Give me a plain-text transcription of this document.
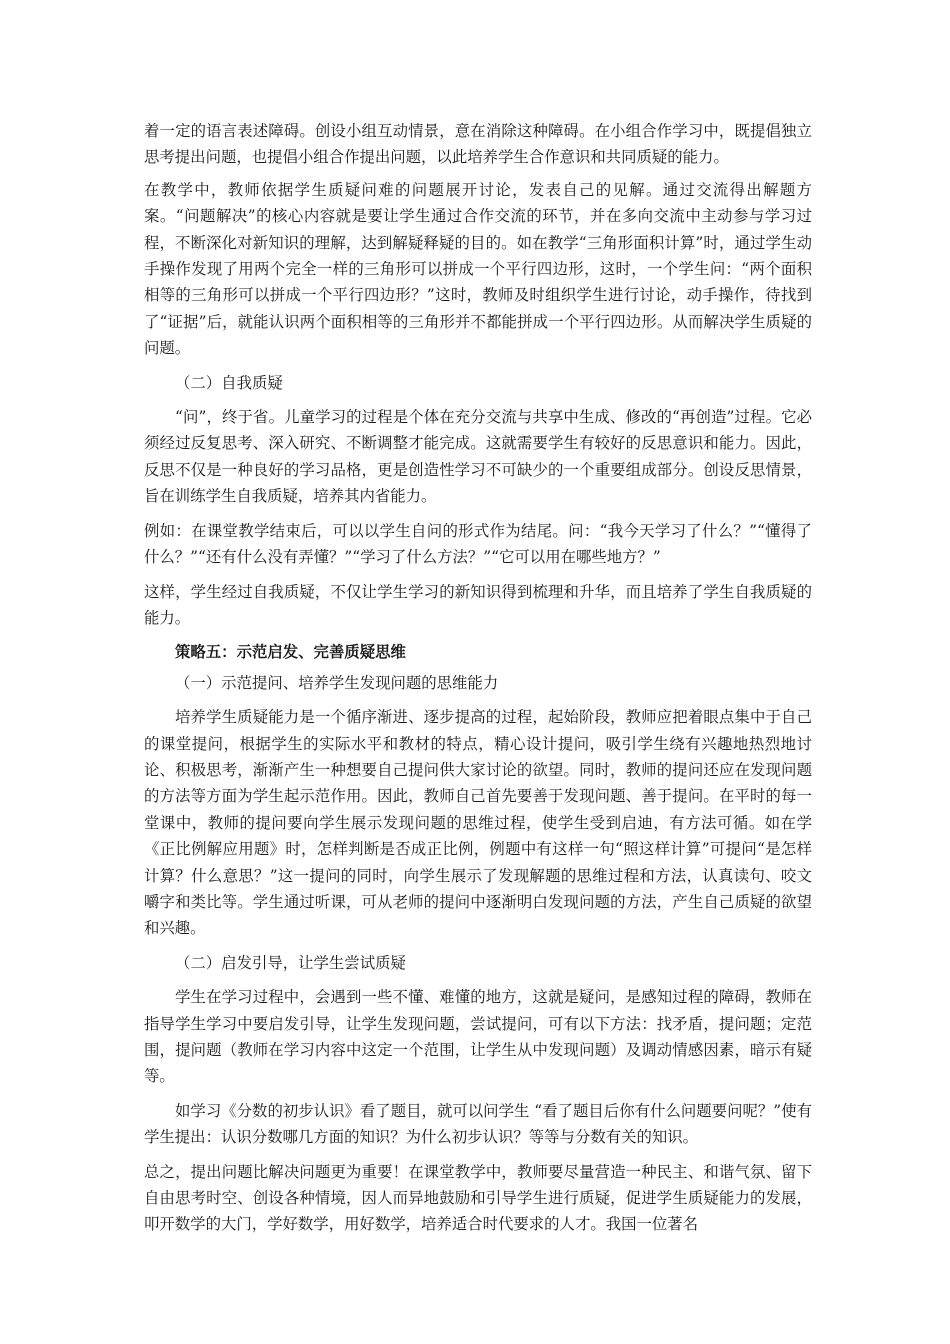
着一定的语言表述障碍。创设小组互动情景，意在消除这种障碍。在小组合作学习中，既提倡独立思考提出问题，也提倡小组合作提出问题，以此培养学生合作意识和共同质疑的能力。

在教学中，教师依据学生质疑问难的问题展开讨论，发表自己的见解。通过交流得出解题方案。“问题解决”的核心内容就是要让学生通过合作交流的环节，并在多向交流中主动参与学习过程，不断深化对新知识的理解，达到解疑释疑的目的。如在教学“三角形面积计算”时，通过学生动手操作发现了用两个完全一样的三角形可以拼成一个平行四边形，这时，一个学生问：“两个面积相等的三角形可以拼成一个平行四边形？”这时，教师及时组织学生进行讨论，动手操作，待找到了“证据”后，就能认识两个面积相等的三角形并不都能拼成一个平行四边形。从而解决学生质疑的问题。

（二）自我质疑

“问”，终于省。儿童学习的过程是个体在充分交流与共享中生成、修改的“再创造”过程。它必须经过反复思考、深入研究、不断调整才能完成。这就需要学生有较好的反思意识和能力。因此，反思不仅是一种良好的学习品格，更是创造性学习不可缺少的一个重要组成部分。创设反思情景，旨在训练学生自我质疑，培养其内省能力。

例如：在课堂教学结束后，可以以学生自问的形式作为结尾。问：“我今天学习了什么？”“懂得了什么？”“还有什么没有弄懂？”“学习了什么方法？”“它可以用在哪些地方？”

这样，学生经过自我质疑，不仅让学生学习的新知识得到梳理和升华，而且培养了学生自我质疑的能力。

策略五：示范启发、完善质疑思维

（一）示范提问、培养学生发现问题的思维能力

培养学生质疑能力是一个循序渐进、逐步提高的过程，起始阶段，教师应把着眼点集中于自己的课堂提问，根据学生的实际水平和教材的特点，精心设计提问，吸引学生绕有兴趣地热烈地讨论、积极思考，渐渐产生一种想要自己提问供大家讨论的欲望。同时，教师的提问还应在发现问题的方法等方面为学生起示范作用。因此，教师自己首先要善于发现问题、善于提问。在平时的每一堂课中，教师的提问要向学生展示发现问题的思维过程，使学生受到启迪，有方法可循。如在学《正比例解应用题》时，怎样判断是否成正比例，例题中有这样一句“照这样计算”可提问“是怎样计算？什么意思？”这一提问的同时，向学生展示了发现解题的思维过程和方法，认真读句、咬文嚼字和类比等。学生通过听课，可从老师的提问中逐渐明白发现问题的方法，产生自己质疑的欲望和兴趣。

（二）启发引导，让学生尝试质疑

学生在学习过程中，会遇到一些不懂、难懂的地方，这就是疑问，是感知过程的障碍，教师在指导学生学习中要启发引导，让学生发现问题，尝试提问，可有以下方法：找矛盾，提问题；定范围，提问题（教师在学习内容中这定一个范围，让学生从中发现问题）及调动情感因素，暗示有疑等。

如学习《分数的初步认识》看了题目，就可以问学生 “看了题目后你有什么问题要问呢？”使有学生提出：认识分数哪几方面的知识？为什么初步认识？等等与分数有关的知识。

总之，提出问题比解决问题更为重要！在课堂教学中，教师要尽量营造一种民主、和谐气氛、留下自由思考时空、创设各种情境，因人而异地鼓励和引导学生进行质疑，促进学生质疑能力的发展，叩开数学的大门，学好数学，用好数学，培养适合时代要求的人才。我国一位著名
